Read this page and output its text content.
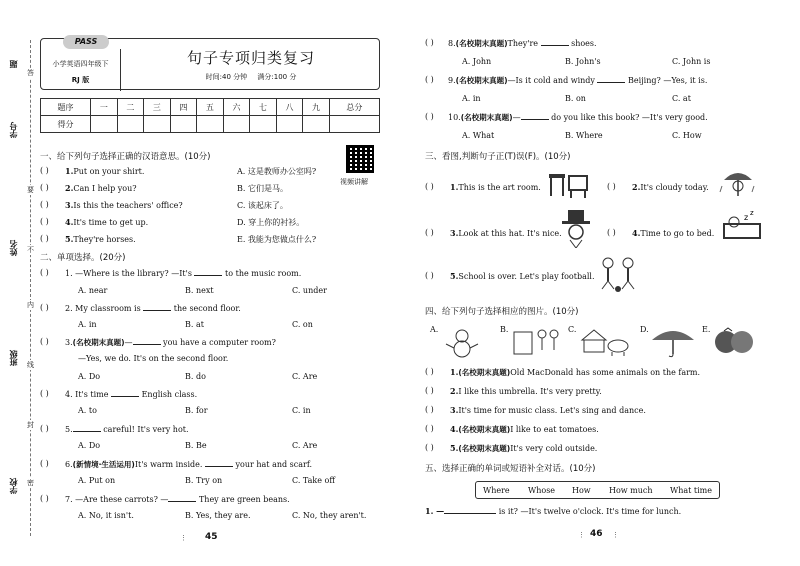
题
学号
姓名
班级
学校
答
要
不
内
线
封
密
PASS
小学英语四年级下
RJ 版
句子专项归类复习
时间:40 分钟 满分:100 分
题序	一	二	三	四	五	六	七	八	九	总分
得分										
视频讲解
一、给下列句子选择正确的汉语意思。(10分)
( ) 1.Put on your shirt.	A. 这是教师办公室吗?
( ) 2.Can I help you?	B. 它们是马。
( ) 3.Is this the teachers' office?	C. 该起床了。
( ) 4.It's time to get up.	D. 穿上你的衬衫。
( ) 5.They're horses.	E. 我能为您做点什么?
二、单项选择。(20分)
( ) 1. —Where is the library? —It's	to the music room.
A. near	B. next	C. under
( ) 2. My classroom is	the second floor.
A. in	B. at	C. on
( ) 3.(名校期末真题)—	you have a computer room?
—Yes, we do. It's on the second floor.
A. Do	B. do	C. Are
( ) 4. It's time	English class.
A. to	B. for	C. in
( ) 5.	careful! It's very hot.
A. Do	B. Be	C. Are
( ) 6.(新情境·生活运用)It's warm inside.	your hat and scarf.
A. Put on	B. Try on	C. Take off
( ) 7. —Are these carrots? —	They are green beans.
A. No, it isn't.	B. Yes, they are.	C. No, they aren't.
⋮ 45
( ) 8.(名校期末真题)They're	shoes.
A. John	B. John's	C. John is
( ) 9.(名校期末真题)—Is it cold and windy	Beijing? —Yes, it is.
A. in	B. on	C. at
( ) 10.(名校期末真题)—	do you like this book? —It's very good.
A. What	B. Where	C. How
三、看图,判断句子正(T)误(F)。(10分)
( ) 1.This is the art room.	( ) 2.It's cloudy today.
( ) 3.Look at this hat. It's nice.	( ) 4.Time to go to bed.
z z
( ) 5.School is over. Let's play football.
四、给下列句子选择相应的图片。(10分)
A.	B.	C.	D.	E.
( ) 1.(名校期末真题)Old MacDonald has some animals on the farm.
( ) 2.I like this umbrella. It's very pretty.
( ) 3.It's time for music class. Let's sing and dance.
( ) 4.(名校期末真题)I like to eat tomatoes.
( ) 5.(名校期末真题)It's very cold outside.
五、选择正确的单词或短语补全对话。(10分)
1. —	is it? —It's twelve o'clock. It's time for lunch.
⋮ 46 ⋮
Where Whose How How much What time
